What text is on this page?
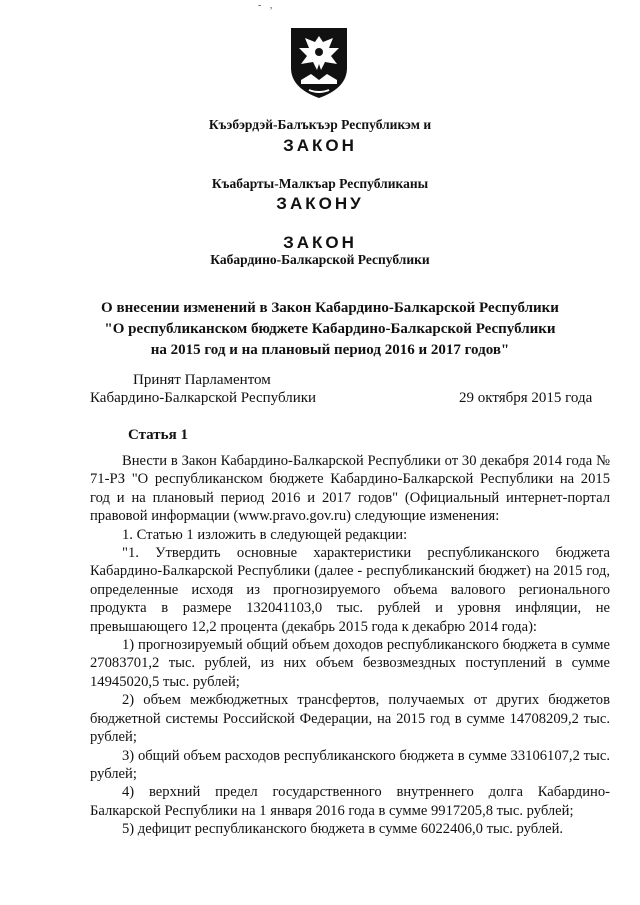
- ,
Къэбэрдэй-Балъкъэр Республикэм и
ЗАКОН
Къабарты-Малкъар Республиканы
ЗАКОНУ
ЗАКОН
Кабардино-Балкарской Республики
О внесении изменений в Закон Кабардино-Балкарской Республики
"О республиканском бюджете Кабардино-Балкарской Республики
на 2015 год и на плановый период 2016 и 2017 годов"
Принят Парламентом
Кабардино-Балкарской Республики	29 октября 2015 года
Статья 1

Внести в Закон Кабардино-Балкарской Республики от 30 декабря 2014 года № 71-РЗ "О республиканском бюджете Кабардино-Балкарской Республики на 2015 год и на плановый период 2016 и 2017 годов" (Официальный интернет-портал правовой информации (www.pravo.gov.ru) следующие изменения:

1. Статью 1 изложить в следующей редакции:

"1. Утвердить основные характеристики республиканского бюджета Кабардино-Балкарской Республики (далее - республиканский бюджет) на 2015 год, определенные исходя из прогнозируемого объема валового регионального продукта в размере 132041103,0 тыс. рублей и уровня инфляции, не превышающего 12,2 процента (декабрь 2015 года к декабрю 2014 года):

1) прогнозируемый общий объем доходов республиканского бюджета в сумме 27083701,2 тыс. рублей, из них объем безвозмездных поступлений в сумме 14945020,5 тыс. рублей;

2) объем межбюджетных трансфертов, получаемых от других бюджетов бюджетной системы Российской Федерации, на 2015 год в сумме 14708209,2 тыс. рублей;

3) общий объем расходов республиканского бюджета в сумме 33106107,2 тыс. рублей;

4) верхний предел государственного внутреннего долга Кабардино-Балкарской Республики на 1 января 2016 года в сумме 9917205,8 тыс. рублей;

5) дефицит республиканского бюджета в сумме 6022406,0 тыс. рублей.
